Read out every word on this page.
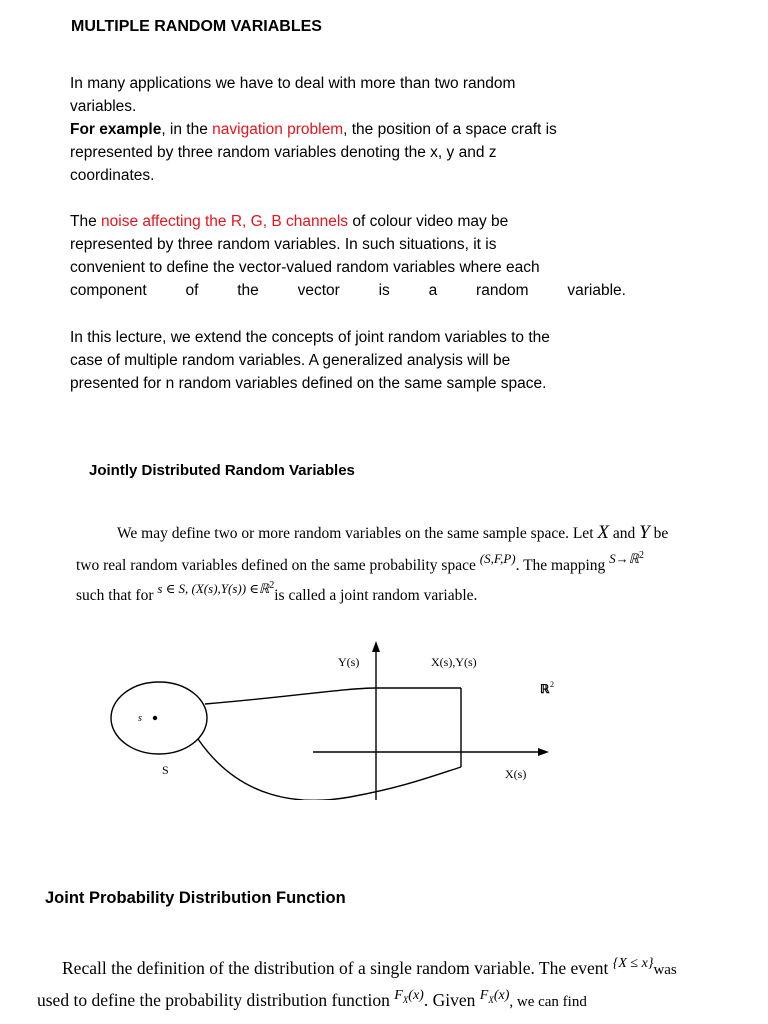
MULTIPLE RANDOM VARIABLES
In many applications we have to deal with more than two random
variables.
For example, in the navigation problem, the position of a space craft is
represented by three random variables denoting the x, y and z
coordinates.
The noise affecting the R, G, B channels of colour video may be
represented by three random variables. In such situations, it is
convenient to define the vector-valued random variables where each
component of the vector is a random variable.
In this lecture, we extend the concepts of joint random variables to the
case of multiple random variables. A generalized analysis will be
presented for n random variables defined on the same sample space.
Jointly Distributed Random Variables
We may define two or more random variables on the same sample space. Let X and Y be
two real random variables defined on the same probability space $^{(S,F,P)}$. The mapping $^{S\to ℝ2}$
such that for $^{s \in S, (X(s),Y(s)) \in ℝ2}$is called a joint random variable.
Y(s)	X(s),Y(s)
ℝ 2
s
S	X(s)
Joint Probability Distribution Function
Recall the definition of the distribution of a single random variable. The event $^{\{X \le x\}}$was
used to define the probability distribution function $^{F_X(x)}$. Given $^{F_X(x)}$, we can find
